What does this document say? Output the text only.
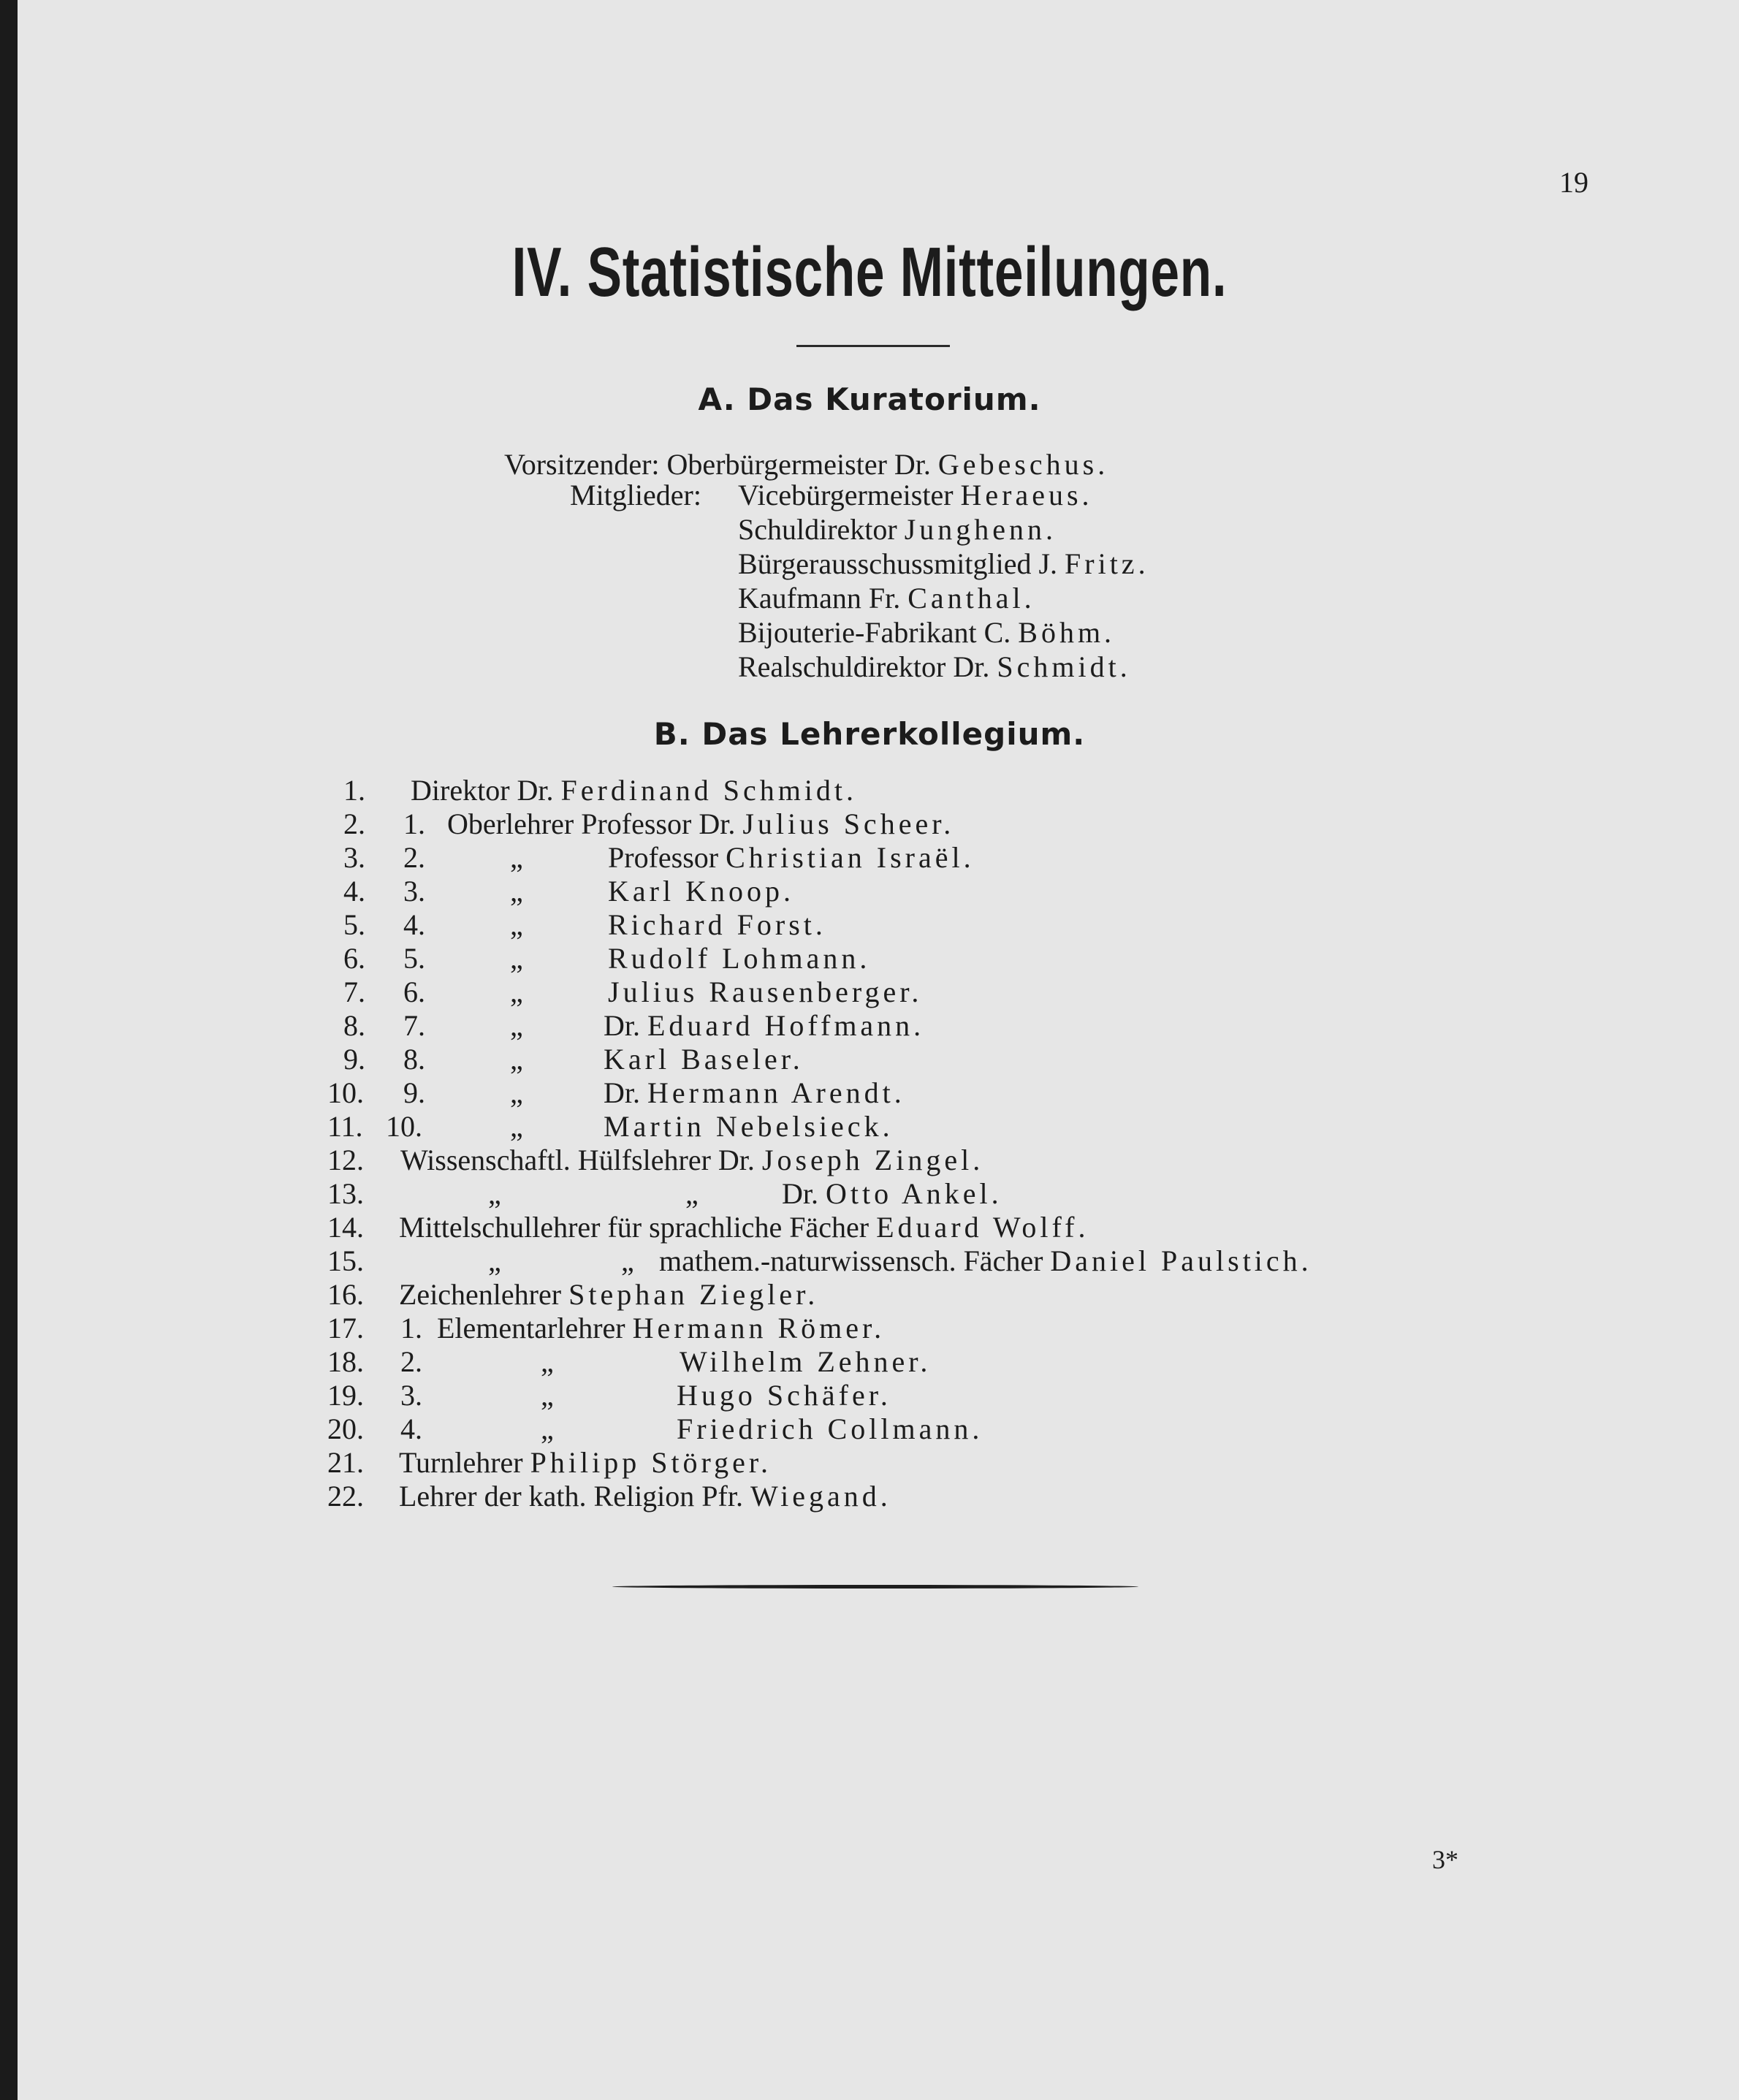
19
IV. Statistische Mitteilungen.
A. Das Kuratorium.
Vorsitzender: Oberbürgermeister Dr. Gebeschus.
Mitglieder: Vicebürgermeister Heraeus.
Schuldirektor Junghenn.
Bürgerausschussmitglied J. Fritz.
Kaufmann Fr. Canthal.
Bijouterie-Fabrikant C. Böhm.
Realschuldirektor Dr. Schmidt.
B. Das Lehrerkollegium.
1. Direktor Dr. Ferdinand Schmidt.
2. 1. Oberlehrer Professor Dr. Julius Scheer.
3. 2.	„	Professor Christian Israël.
4. 3.	„	Karl Knoop.
5. 4.	„	Richard Forst.
6. 5.	„	Rudolf Lohmann.
7. 6.	„	Julius Rausenberger.
8. 7.	„	Dr. Eduard Hoffmann.
9. 8.	„	Karl Baseler.
10. 9.	„	Dr. Hermann Arendt.
11. 10.	„	Martin Nebelsieck.
12. Wissenschaftl. Hülfslehrer Dr. Joseph Zingel.
13.	„	„	Dr. Otto Ankel.
14. Mittelschullehrer für sprachliche Fächer Eduard Wolff.
15.	„	„ mathem.-naturwissensch. Fächer Daniel Paulstich.
16. Zeichenlehrer Stephan Ziegler.
17. 1. Elementarlehrer Hermann Römer.
18. 2.	„	Wilhelm Zehner.
19. 3.	„	Hugo Schäfer.
20. 4.	„	Friedrich Collmann.
21. Turnlehrer Philipp Störger.
22. Lehrer der kath. Religion Pfr. Wiegand.
3*
